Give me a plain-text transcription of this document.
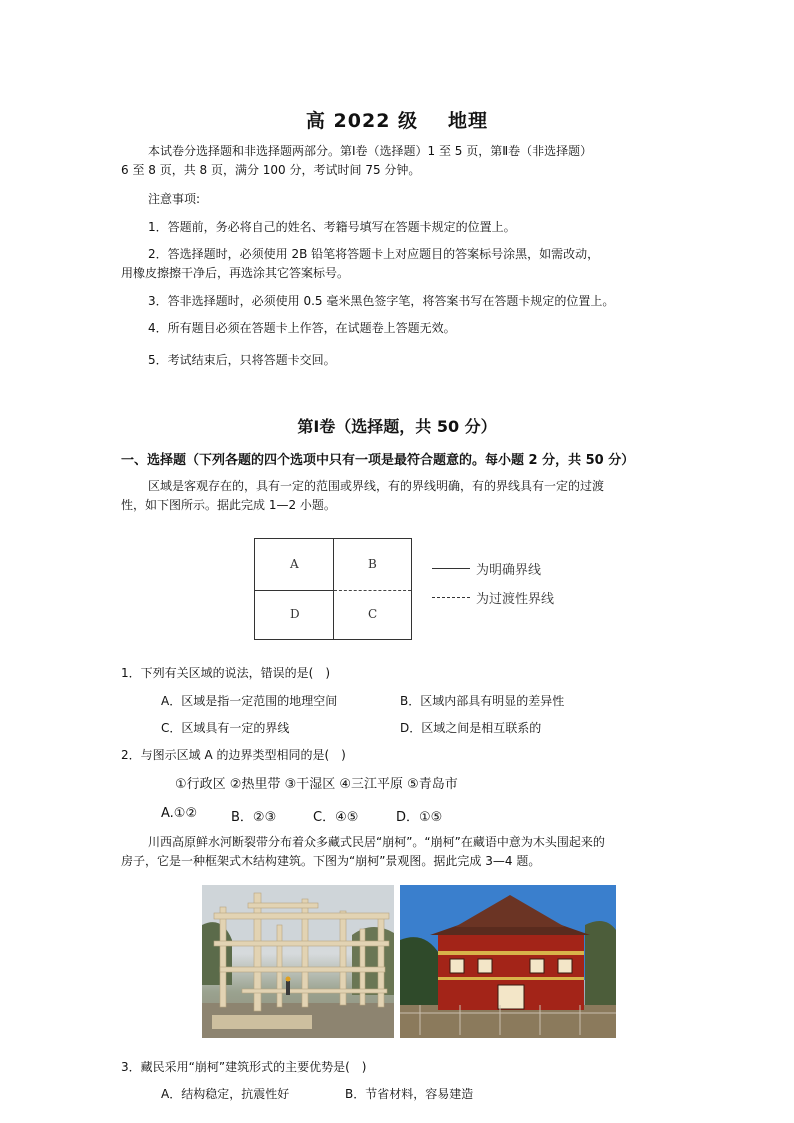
高 2022 级 地理
本试卷分选择题和非选择题两部分。第Ⅰ卷（选择题）1 至 5 页，第Ⅱ卷（非选择题）
6 至 8 页，共 8 页，满分 100 分，考试时间 75 分钟。
注意事项:
1．答题前，务必将自己的姓名、考籍号填写在答题卡规定的位置上。
2．答选择题时，必须使用 2B 铅笔将答题卡上对应题目的答案标号涂黑，如需改动，
用橡皮擦擦干净后，再选涂其它答案标号。
3．答非选择题时，必须使用 0.5 毫米黑色签字笔，将答案书写在答题卡规定的位置上。
4．所有题目必须在答题卡上作答，在试题卷上答题无效。
5．考试结束后，只将答题卡交回。
第Ⅰ卷（选择题，共 50 分）
一、选择题（下列各题的四个选项中只有一项是最符合题意的。每小题 2 分，共 50 分）
区域是客观存在的，具有一定的范围或界线，有的界线明确，有的界线具有一定的过渡
性，如下图所示。据此完成 1—2 小题。
A	B
C
D
为明确界线
为过渡性界线
1．下列有关区域的说法，错误的是(　)
A．区域是指一定范围的地理空间	B．区域内部具有明显的差异性
C．区域具有一定的界线	D．区域之间是相互联系的
2．与图示区域 A 的边界类型相同的是(　)
①行政区 ②热里带 ③干湿区 ④三江平原 ⑤青岛市
A.①②	B．②③	C．④⑤	D．①⑤
川西高原鲜水河断裂带分布着众多藏式民居“崩柯”。“崩柯”在藏语中意为木头围起来的
房子，它是一种框架式木结构建筑。下图为“崩柯”景观图。据此完成 3—4 题。
3．藏民采用“崩柯”建筑形式的主要优势是(　)
A．结构稳定，抗震性好	B．节省材料，容易建造
